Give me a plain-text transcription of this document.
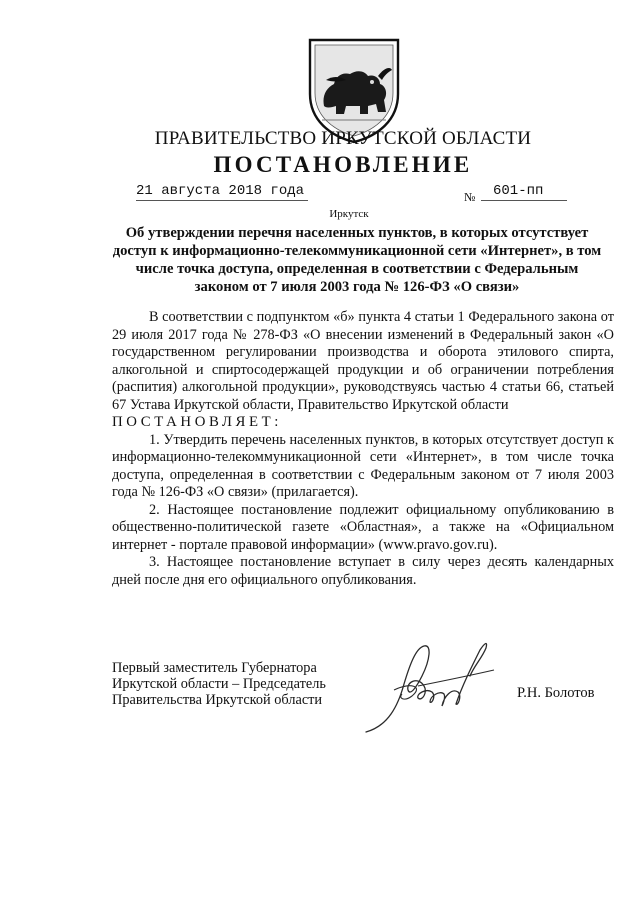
ПРАВИТЕЛЬСТВО ИРКУТСКОЙ ОБЛАСТИ
ПОСТАНОВЛЕНИЕ
21 августа 2018 года	№	601-пп
Иркутск
Об утверждении перечня населенных пунктов, в которых отсутствует доступ к информационно-телекоммуникационной сети «Интернет», в том числе точка доступа, определенная в соответствии с Федеральным законом от 7 июля 2003 года № 126-ФЗ «О связи»

В соответствии с подпунктом «б» пункта 4 статьи 1 Федерального закона от 29 июля 2017 года № 278-ФЗ «О внесении изменений в Федеральный закон «О государственном регулировании производства и оборота этилового спирта, алкогольной и спиртосодержащей продукции и об ограничении потребления (распития) алкогольной продукции», руководствуясь частью 4 статьи 66, статьей 67 Устава Иркутской области, Правительство Иркутской области

ПОСТАНОВЛЯЕТ:

1. Утвердить перечень населенных пунктов, в которых отсутствует доступ к информационно-телекоммуникационной сети «Интернет», в том числе точка доступа, определенная в соответствии с Федеральным законом от 7 июля 2003 года № 126-ФЗ «О связи» (прилагается).

2. Настоящее постановление подлежит официальному опубликованию в общественно-политической газете «Областная», а также на «Официальном интернет - портале правовой информации» (www.pravo.gov.ru).

3. Настоящее постановление вступает в силу через десять календарных дней после дня его официального опубликования.

Первый заместитель Губернатора
Иркутской области – Председатель
Правительства Иркутской области	Р.Н. Болотов
